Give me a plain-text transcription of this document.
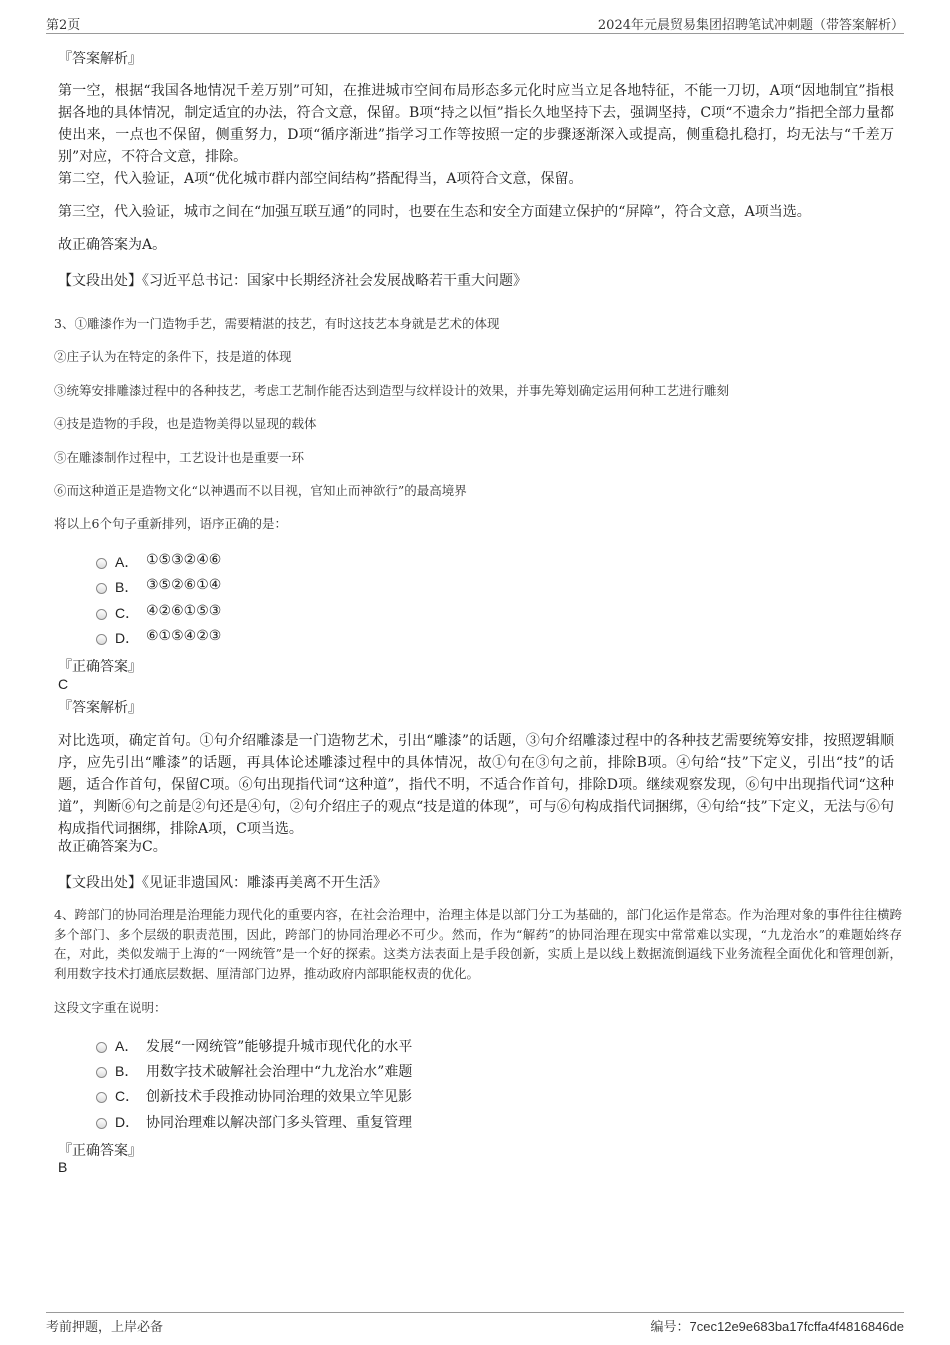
第2页	2024年元晨贸易集团招聘笔试冲刺题（带答案解析）
『答案解析』
第一空，根据“我国各地情况千差万别”可知，在推进城市空间布局形态多元化时应当立足各地特征，不能一刀切，A项“因地制宜”指根据各地的具体情况，制定适宜的办法，符合文意，保留。B项“持之以恒”指长久地坚持下去，强调坚持，C项“不遗余力”指把全部力量都使出来，一点也不保留，侧重努力，D项“循序渐进”指学习工作等按照一定的步骤逐渐深入或提高，侧重稳扎稳打，均无法与“千差万别”对应，不符合文意，排除。
第二空，代入验证，A项“优化城市群内部空间结构”搭配得当，A项符合文意，保留。
第三空，代入验证，城市之间在“加强互联互通”的同时，也要在生态和安全方面建立保护的“屏障”，符合文意，A项当选。
故正确答案为A。
【文段出处】《习近平总书记：国家中长期经济社会发展战略若干重大问题》
3、①雕漆作为一门造物手艺，需要精湛的技艺，有时这技艺本身就是艺术的体现
②庄子认为在特定的条件下，技是道的体现
③统筹安排雕漆过程中的各种技艺，考虑工艺制作能否达到造型与纹样设计的效果，并事先筹划确定运用何种工艺进行雕刻
④技是造物的手段，也是造物美得以显现的载体
⑤在雕漆制作过程中，工艺设计也是重要一环
⑥而这种道正是造物文化“以神遇而不以目视，官知止而神欲行”的最高境界
将以上6个句子重新排列，语序正确的是：
A． ①⑤③②④⑥
B． ③⑤②⑥①④
C． ④②⑥①⑤③
D． ⑥①⑤④②③
『正确答案』
C
『答案解析』
对比选项，确定首句。①句介绍雕漆是一门造物艺术，引出“雕漆”的话题，③句介绍雕漆过程中的各种技艺需要统筹安排，按照逻辑顺序，应先引出“雕漆”的话题，再具体论述雕漆过程中的具体情况，故①句在③句之前，排除B项。④句给“技”下定义，引出“技”的话题，适合作首句，保留C项。⑥句出现指代词“这种道”，指代不明，不适合作首句，排除D项。继续观察发现，⑥句中出现指代词“这种道”，判断⑥句之前是②句还是④句，②句介绍庄子的观点“技是道的体现”，可与⑥句构成指代词捆绑，④句给“技”下定义，无法与⑥句构成指代词捆绑，排除A项，C项当选。
故正确答案为C。
【文段出处】《见证非遗国风：雕漆再美离不开生活》
4、跨部门的协同治理是治理能力现代化的重要内容，在社会治理中，治理主体是以部门分工为基础的，部门化运作是常态。作为治理对象的事件往往横跨多个部门、多个层级的职责范围，因此，跨部门的协同治理必不可少。然而，作为“解药”的协同治理在现实中常常难以实现，“九龙治水”的难题始终存在，对此，类似发端于上海的“一网统管”是一个好的探索。这类方法表面上是手段创新，实质上是以线上数据流倒逼线下业务流程全面优化和管理创新，利用数字技术打通底层数据、厘清部门边界，推动政府内部职能权责的优化。
这段文字重在说明：
A． 发展“一网统管”能够提升城市现代化的水平
B． 用数字技术破解社会治理中“九龙治水”难题
C． 创新技术手段推动协同治理的效果立竿见影
D． 协同治理难以解决部门多头管理、重复管理
『正确答案』
B
考前押题，上岸必备	编号：7cec12e9e683ba17fcffa4f4816846de
